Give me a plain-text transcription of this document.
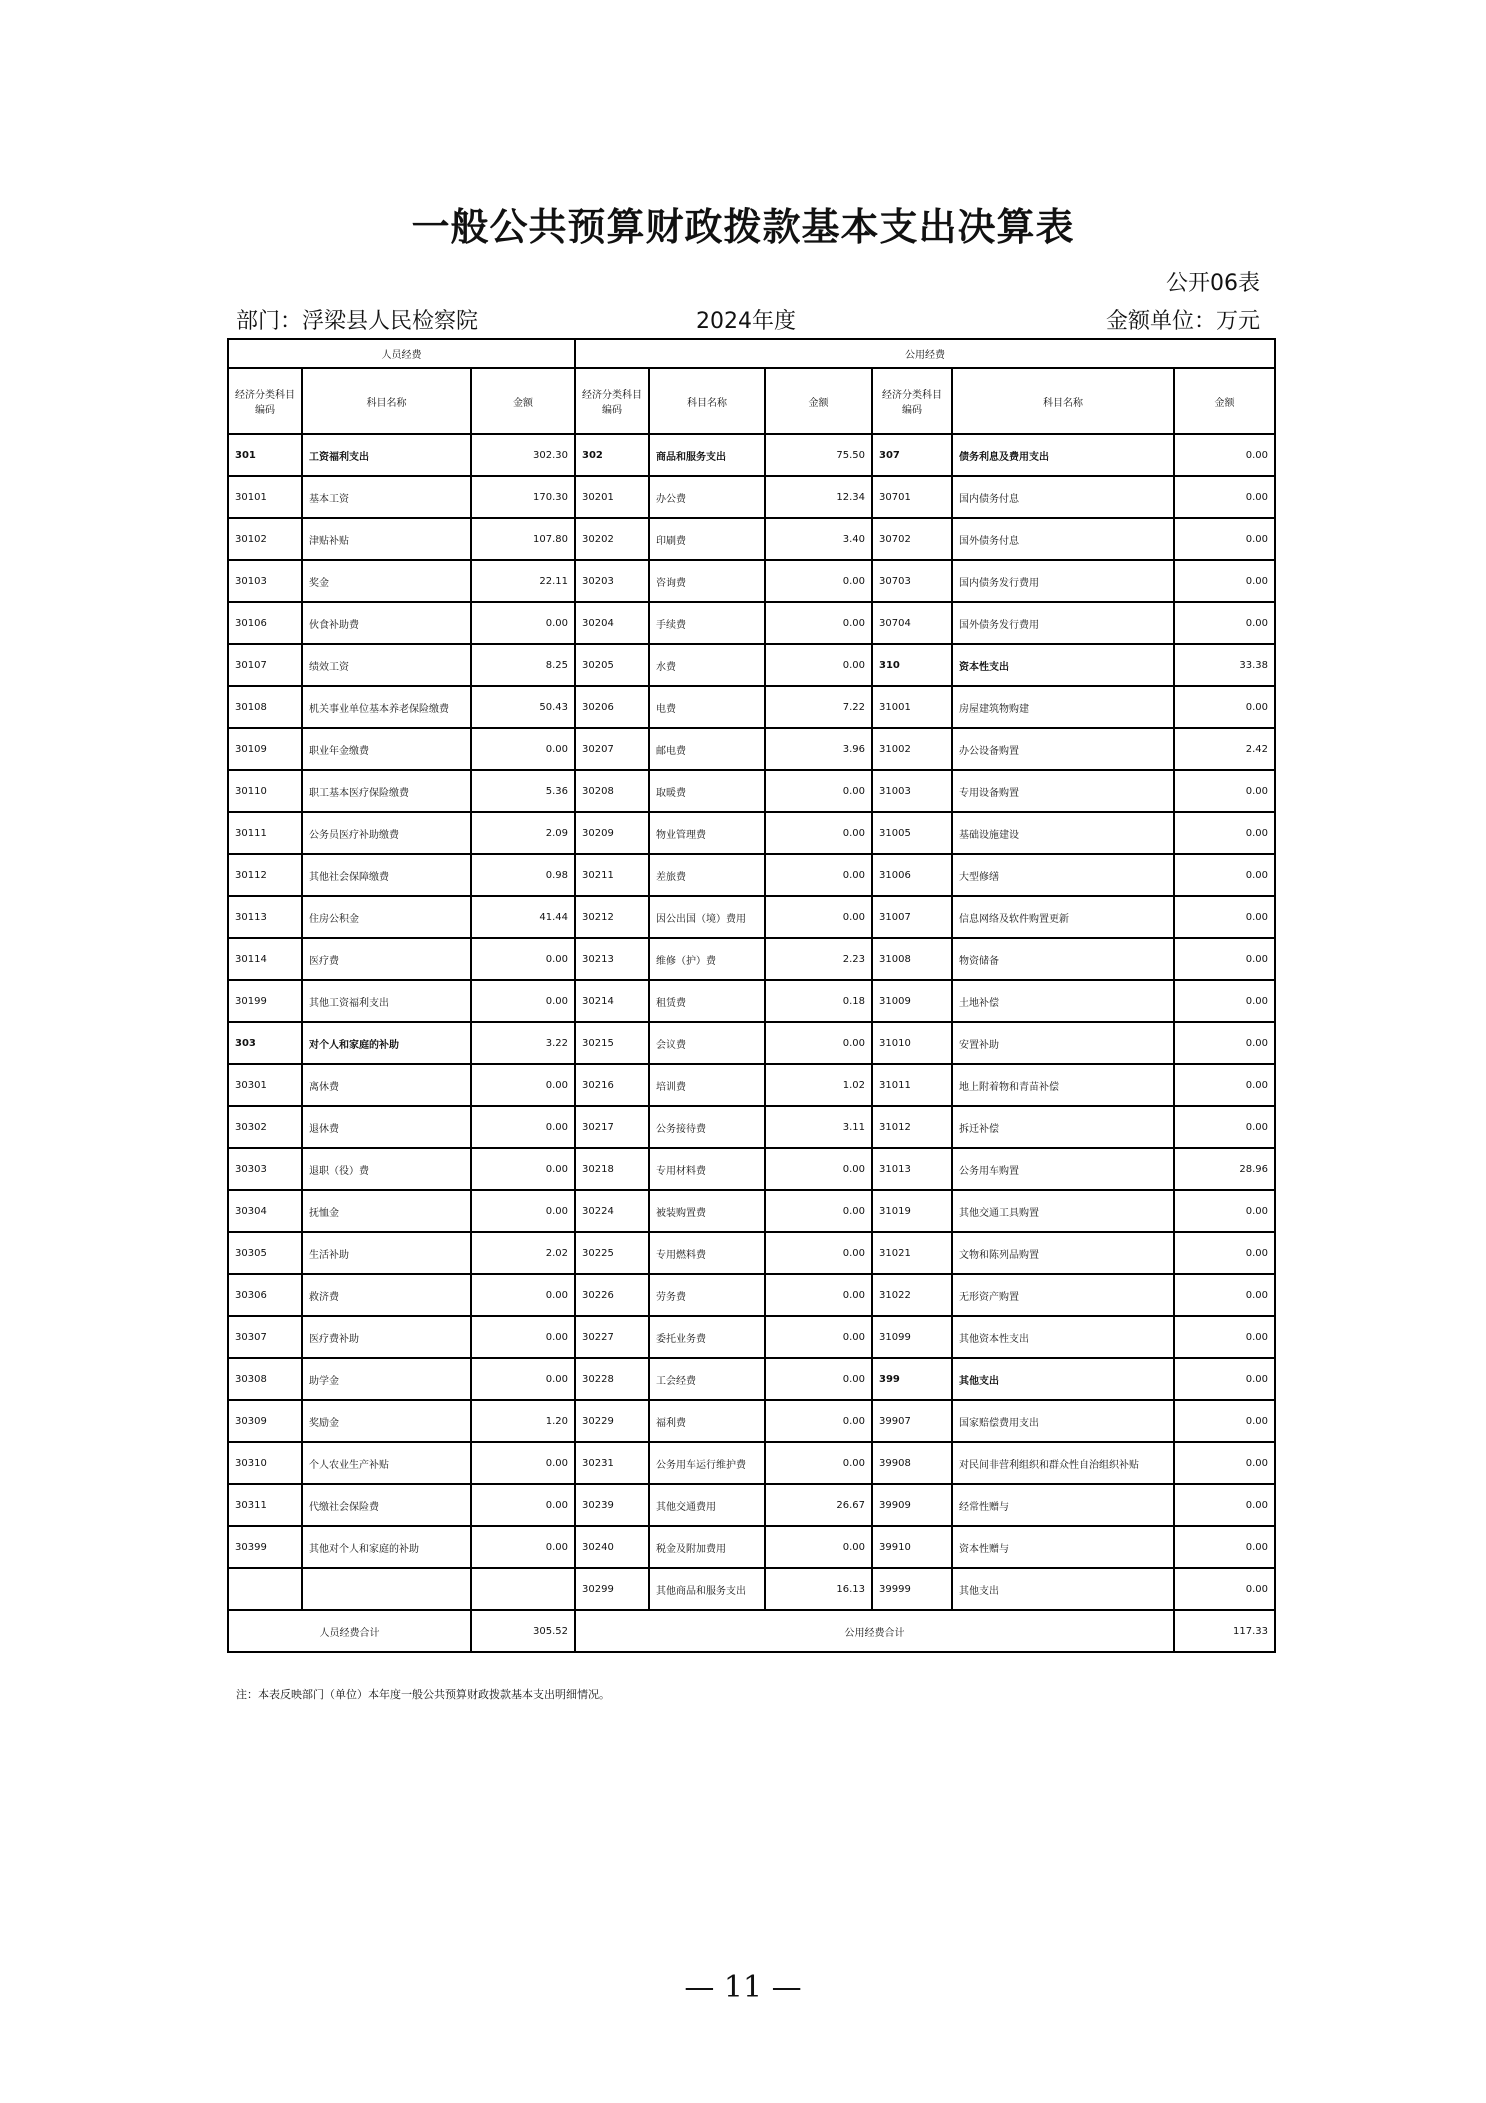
一般公共预算财政拨款基本支出决算表
公开06表
部门：浮梁县人民检察院	2024年度	金额单位：万元
人员经费			公用经费					
经济分类科目编码	科目名称	金额	经济分类科目编码	科目名称	金额	经济分类科目编码	科目名称	金额
301	工资福利支出	302.30	302	商品和服务支出	75.50	307	债务利息及费用支出	0.00
30101	基本工资	170.30	30201	办公费	12.34	30701	国内债务付息	0.00
30102	津贴补贴	107.80	30202	印刷费	3.40	30702	国外债务付息	0.00
30103	奖金	22.11	30203	咨询费	0.00	30703	国内债务发行费用	0.00
30106	伙食补助费	0.00	30204	手续费	0.00	30704	国外债务发行费用	0.00
30107	绩效工资	8.25	30205	水费	0.00	310	资本性支出	33.38
30108	机关事业单位基本养老保险缴费	50.43	30206	电费	7.22	31001	房屋建筑物购建	0.00
30109	职业年金缴费	0.00	30207	邮电费	3.96	31002	办公设备购置	2.42
30110	职工基本医疗保险缴费	5.36	30208	取暖费	0.00	31003	专用设备购置	0.00
30111	公务员医疗补助缴费	2.09	30209	物业管理费	0.00	31005	基础设施建设	0.00
30112	其他社会保障缴费	0.98	30211	差旅费	0.00	31006	大型修缮	0.00
30113	住房公积金	41.44	30212	因公出国（境）费用	0.00	31007	信息网络及软件购置更新	0.00
30114	医疗费	0.00	30213	维修（护）费	2.23	31008	物资储备	0.00
30199	其他工资福利支出	0.00	30214	租赁费	0.18	31009	土地补偿	0.00
303	对个人和家庭的补助	3.22	30215	会议费	0.00	31010	安置补助	0.00
30301	离休费	0.00	30216	培训费	1.02	31011	地上附着物和青苗补偿	0.00
30302	退休费	0.00	30217	公务接待费	3.11	31012	拆迁补偿	0.00
30303	退职（役）费	0.00	30218	专用材料费	0.00	31013	公务用车购置	28.96
30304	抚恤金	0.00	30224	被装购置费	0.00	31019	其他交通工具购置	0.00
30305	生活补助	2.02	30225	专用燃料费	0.00	31021	文物和陈列品购置	0.00
30306	救济费	0.00	30226	劳务费	0.00	31022	无形资产购置	0.00
30307	医疗费补助	0.00	30227	委托业务费	0.00	31099	其他资本性支出	0.00
30308	助学金	0.00	30228	工会经费	0.00	399	其他支出	0.00
30309	奖励金	1.20	30229	福利费	0.00	39907	国家赔偿费用支出	0.00
30310	个人农业生产补贴	0.00	30231	公务用车运行维护费	0.00	39908	对民间非营利组织和群众性自治组织补贴	0.00
30311	代缴社会保险费	0.00	30239	其他交通费用	26.67	39909	经常性赠与	0.00
30399	其他对个人和家庭的补助	0.00	30240	税金及附加费用	0.00	39910	资本性赠与	0.00
			30299	其他商品和服务支出	16.13	39999	其他支出	0.00
人员经费合计		305.52	公用经费合计					117.33
注：本表反映部门（单位）本年度一般公共预算财政拨款基本支出明细情况。
— 11 —
